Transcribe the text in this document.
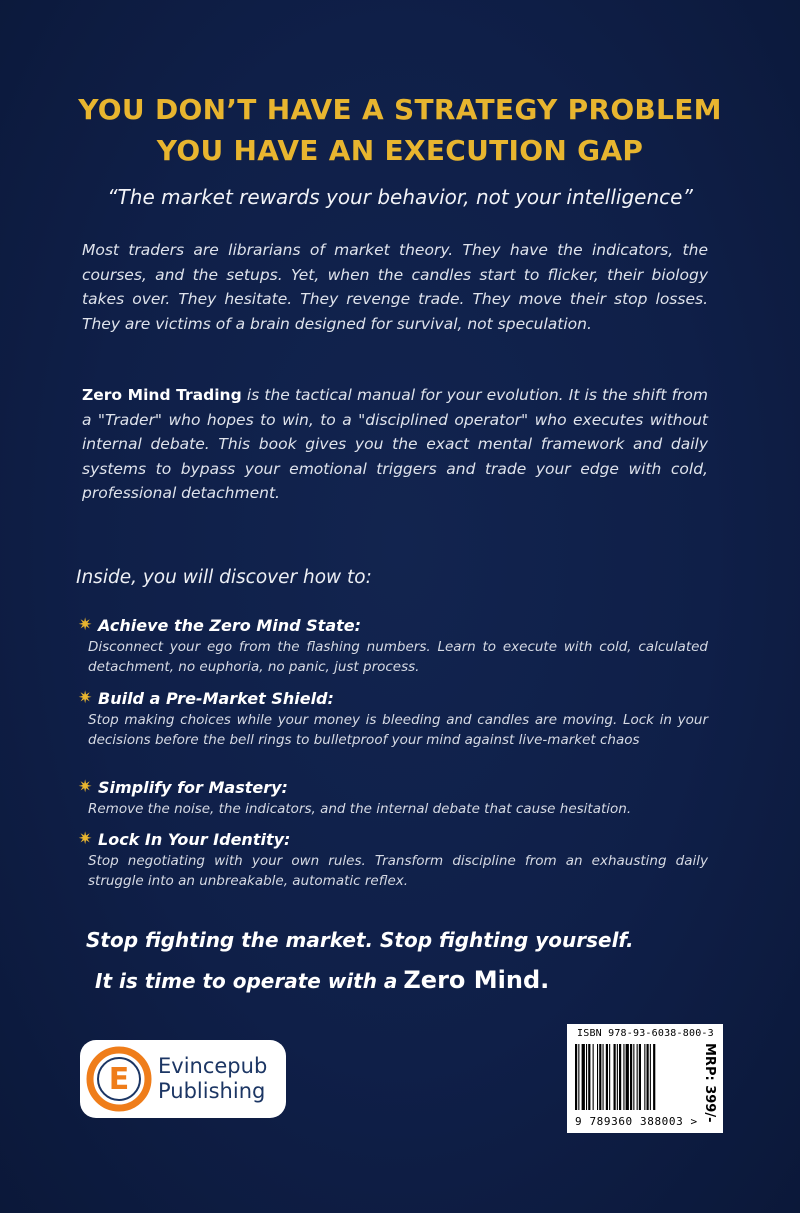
YOU DON’T HAVE A STRATEGY PROBLEM

YOU HAVE AN EXECUTION GAP

“The market rewards your behavior, not your intelligence”

Most traders are librarians of market theory. They have the indicators, the courses, and the setups. Yet, when the candles start to flicker, their biology takes over. They hesitate. They revenge trade. They move their stop losses. They are victims of a brain designed for survival, not speculation.

Zero Mind Trading is the tactical manual for your evolution. It is the shift from a "Trader" who hopes to win, to a "disciplined operator" who executes without internal debate. This book gives you the exact mental framework and daily systems to bypass your emotional triggers and trade your edge with cold, professional detachment.

Inside, you will discover how to:

✷ Achieve the Zero Mind State:

Disconnect your ego from the flashing numbers. Learn to execute with cold, calculated detachment, no euphoria, no panic, just process.

✷ Build a Pre-Market Shield:

Stop making choices while your money is bleeding and candles are moving. Lock in your decisions before the bell rings to bulletproof your mind against live-market chaos

✷ Simplify for Mastery:

Remove the noise, the indicators, and the internal debate that cause hesitation.

✷ Lock In Your Identity:

Stop negotiating with your own rules. Transform discipline from an exhausting daily struggle into an unbreakable, automatic reflex.

Stop fighting the market. Stop fighting yourself.

It is time to operate with a Zero Mind.

E Evincepub
Publishing
ISBN 978-93-6038-800-3
9 789360 388003 > MRP: 399/-
